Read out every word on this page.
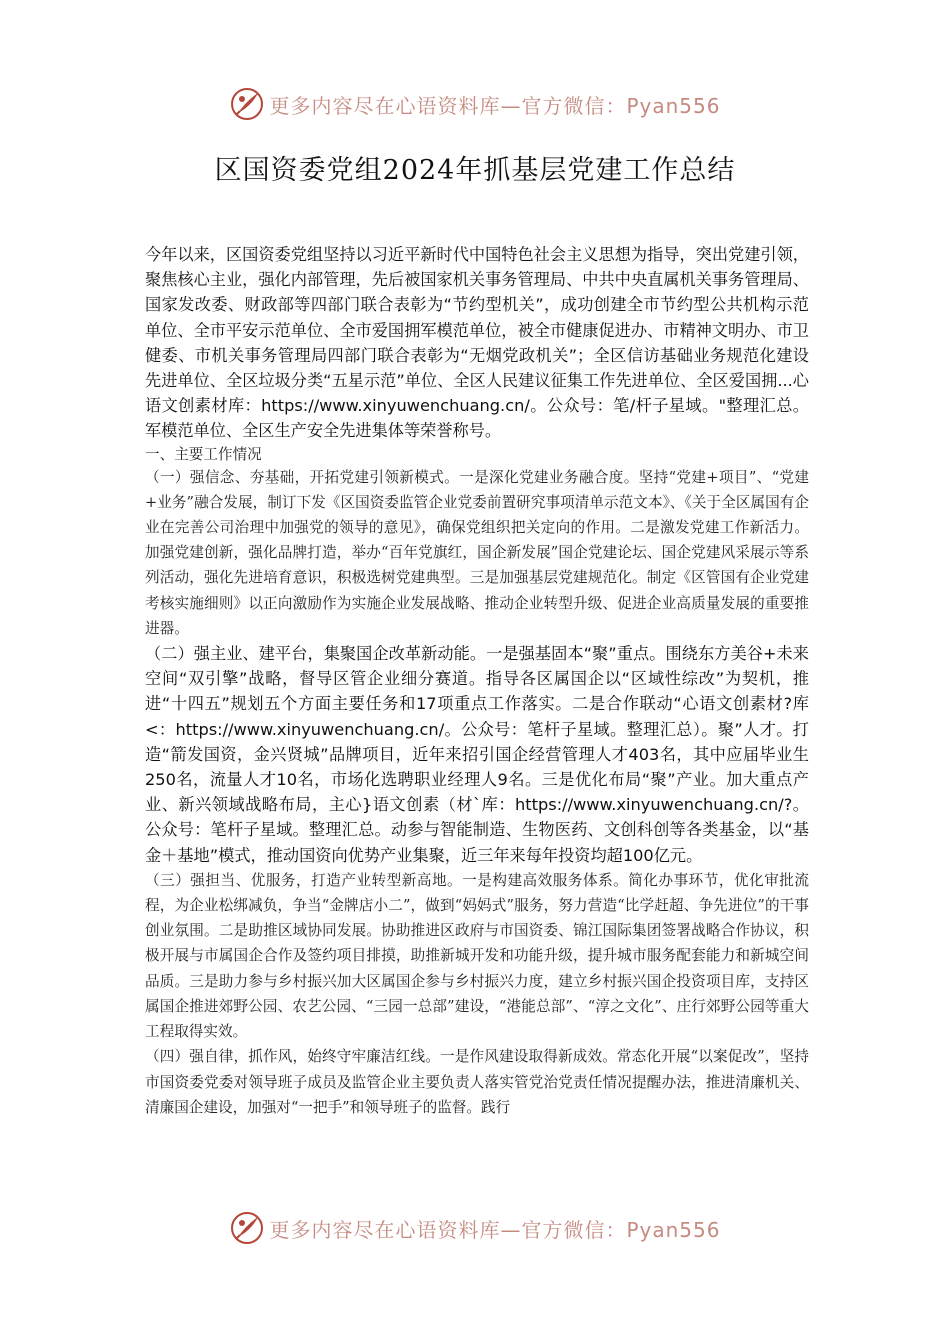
更多内容尽在心语资料库—官方微信：Pyan556
区国资委党组2024年抓基层党建工作总结

今年以来，区国资委党组坚持以习近平新时代中国特色社会主义思想为指导，突出党建引领，聚焦核心主业，强化内部管理，先后被国家机关事务管理局、中共中央直属机关事务管理局、国家发改委、财政部等四部门联合表彰为“节约型机关”，成功创建全市节约型公共机构示范单位、全市平安示范单位、全市爱国拥军模范单位，被全市健康促进办、市精神文明办、市卫健委、市机关事务管理局四部门联合表彰为“无烟党政机关”；全区信访基础业务规范化建设先进单位、全区垃圾分类“五星示范”单位、全区人民建议征集工作先进单位、全区爱国拥...心语文创素材库：https://www.xinyuwenchuang.cn/。公众号：笔/杆子星域。"整理汇总。军模范单位、全区生产安全先进集体等荣誉称号。

一、主要工作情况

（一）强信念、夯基础，开拓党建引领新模式。一是深化党建业务融合度。坚持“党建+项目”、“党建+业务”融合发展，制订下发《区国资委监管企业党委前置研究事项清单示范文本》、《关于全区属国有企业在完善公司治理中加强党的领导的意见》，确保党组织把关定向的作用。二是激发党建工作新活力。加强党建创新，强化品牌打造，举办“百年党旗红，国企新发展”国企党建论坛、国企党建风采展示等系列活动，强化先进培育意识，积极选树党建典型。三是加强基层党建规范化。制定《区管国有企业党建考核实施细则》以正向激励作为实施企业发展战略、推动企业转型升级、促进企业高质量发展的重要推进器。

（二）强主业、建平台，集聚国企改革新动能。一是强基固本“聚”重点。围绕东方美谷+未来空间“双引擎”战略，督导区管企业细分赛道。指导各区属国企以“区域性综改”为契机，推进“十四五”规划五个方面主要任务和17项重点工作落实。二是合作联动“心语文创素材?库<：https://www.xinyuwenchuang.cn/。公众号：笔杆子星域。整理汇总）。聚”人才。打造“箭发国资，金兴贤城”品牌项目，近年来招引国企经营管理人才403名，其中应届毕业生250名，流量人才10名，市场化选聘职业经理人9名。三是优化布局“聚”产业。加大重点产业、新兴领域战略布局，主心}语文创素（材`库：https://www.xinyuwenchuang.cn/?。公众号：笔杆子星域。整理汇总。动参与智能制造、生物医药、文创科创等各类基金，以“基金＋基地”模式，推动国资向优势产业集聚，近三年来每年投资均超100亿元。

（三）强担当、优服务，打造产业转型新高地。一是构建高效服务体系。简化办事环节，优化审批流程，为企业松绑减负，争当“金牌店小二”，做到“妈妈式”服务，努力营造“比学赶超、争先进位”的干事创业氛围。二是助推区域协同发展。协助推进区政府与市国资委、锦江国际集团签署战略合作协议，积极开展与市属国企合作及签约项目排摸，助推新城开发和功能升级，提升城市服务配套能力和新城空间品质。三是助力参与乡村振兴加大区属国企参与乡村振兴力度，建立乡村振兴国企投资项目库，支持区属国企推进郊野公园、农艺公园、“三园一总部”建设，“港能总部”、“淳之文化”、庄行郊野公园等重大工程取得实效。

（四）强自律，抓作风，始终守牢廉洁红线。一是作风建设取得新成效。常态化开展“以案促改”，坚持市国资委党委对领导班子成员及监管企业主要负责人落实管党治党责任情况提醒办法，推进清廉机关、清廉国企建设，加强对“一把手”和领导班子的监督。践行

更多内容尽在心语资料库—官方微信：Pyan556
